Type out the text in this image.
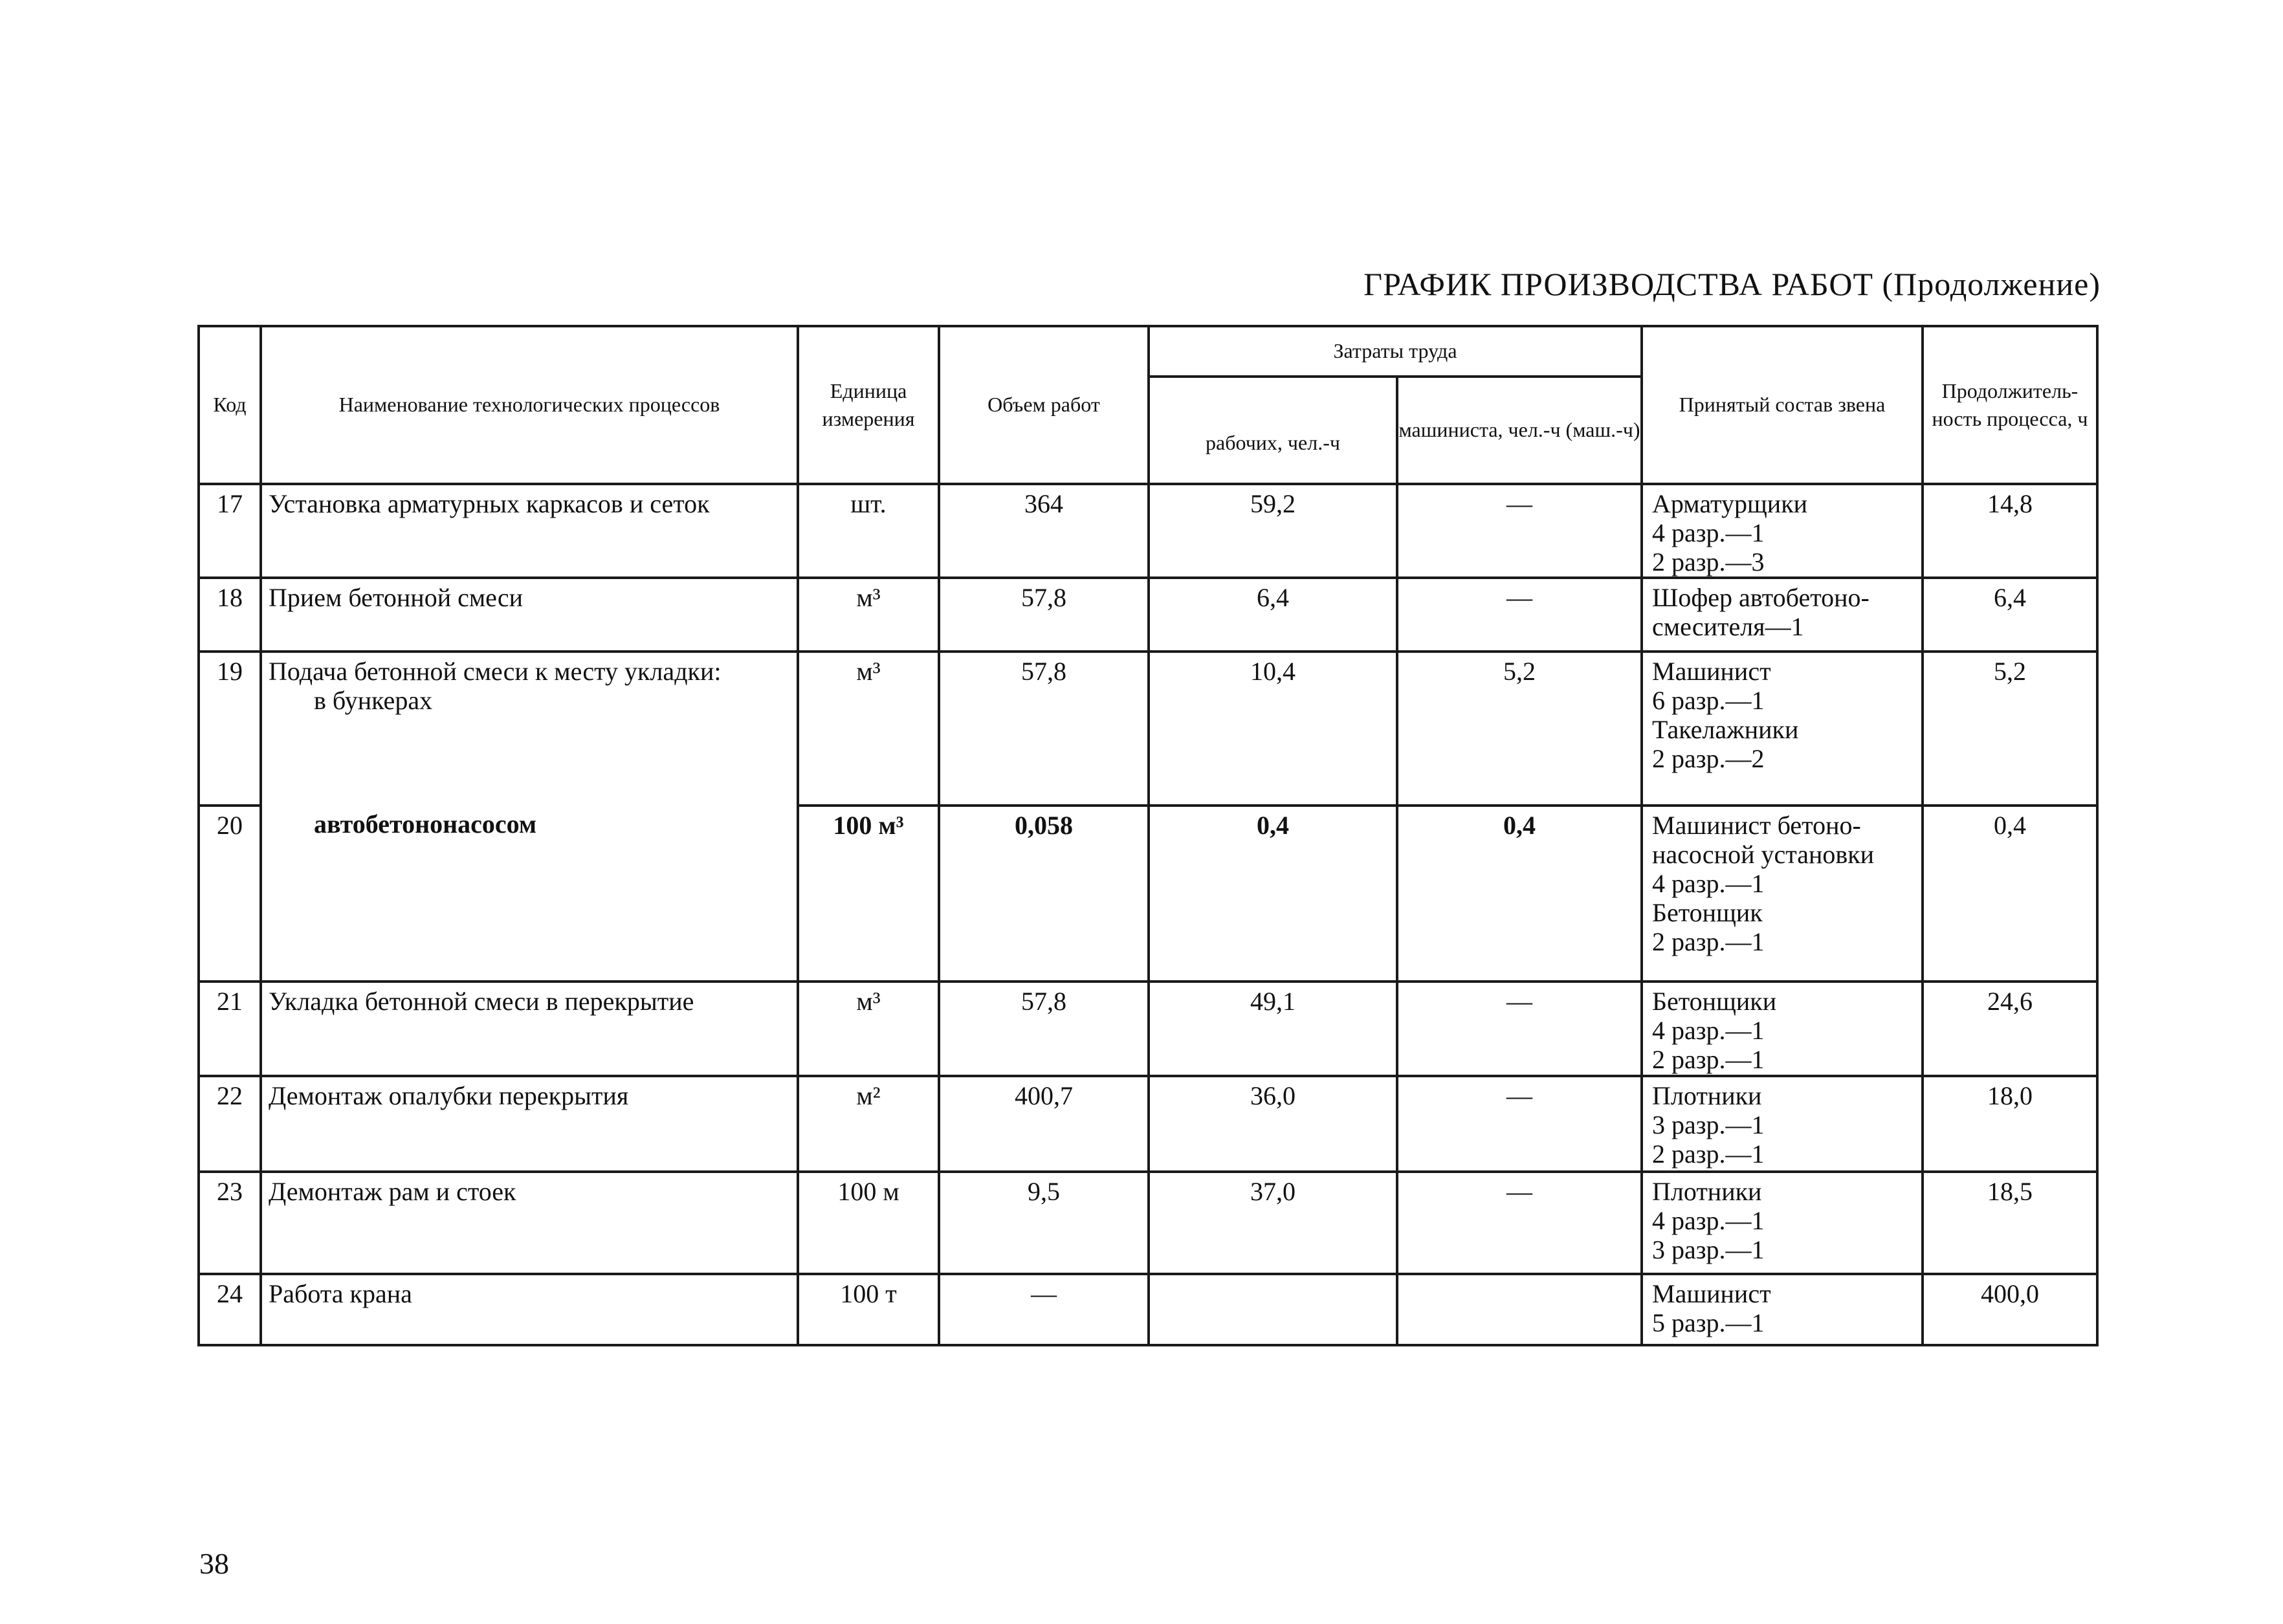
ГРАФИК ПРОИЗВОДСТВА РАБОТ (Продолжение)
Код	Наименование технологических процессов	Единица измерения	Объем работ	Затраты труда		Принятый состав звена	Продолжитель-ность процесса, ч
				рабочих, чел.-ч	машиниста, чел.-ч (маш.-ч)		
17	Установка арматурных каркасов и сеток	шт.	364	59,2	—	Арматурщики
4 разр.—1
2 разр.—3	14,8
18	Прием бетонной смеси	м³	57,8	6,4	—	Шофер автобетоно-
смесителя—1	6,4
19	Подача бетонной смеси к месту укладки:
в бункерах	м³	57,8	10,4	5,2	Машинист
6 разр.—1
Такелажники
2 разр.—2	5,2
20	автобетононасосом	100 м³	0,058	0,4	0,4	Машинист бетоно-
насосной установки
4 разр.—1
Бетонщик
2 разр.—1	0,4
21	Укладка бетонной смеси в перекрытие	м³	57,8	49,1	—	Бетонщики
4 разр.—1
2 разр.—1	24,6
22	Демонтаж опалубки перекрытия	м²	400,7	36,0	—	Плотники
3 разр.—1
2 разр.—1	18,0
23	Демонтаж рам и стоек	100 м	9,5	37,0	—	Плотники
4 разр.—1
3 разр.—1	18,5
24	Работа крана	100 т	—			Машинист
5 разр.—1	400,0
38
